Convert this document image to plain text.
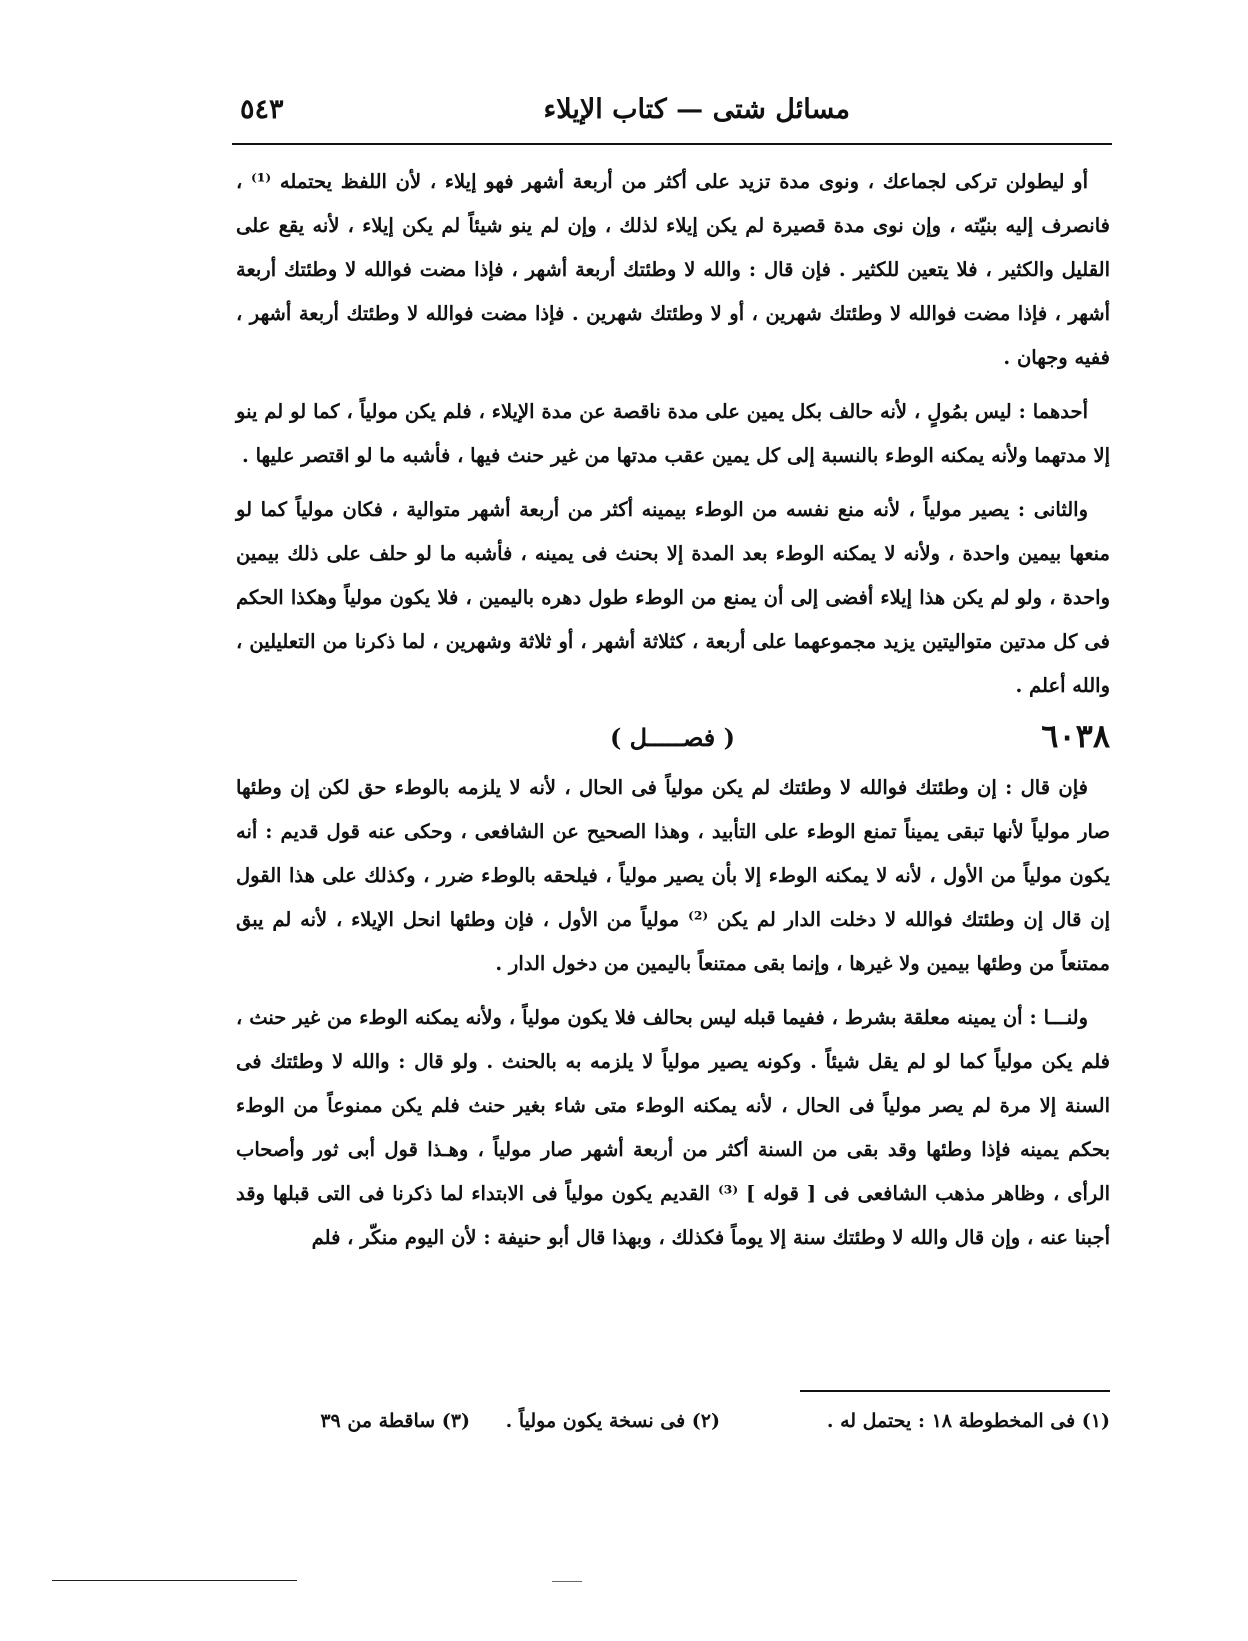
مسائل شتى — كتاب الإيلاء
٥٤٣

أو ليطولن تركى لجماعك ، ونوى مدة تزيد على أكثر من أربعة أشهر فهو إيلاء ، لأن اللفظ يحتمله ⁽¹⁾ ، فانصرف إليه بنيّته ، وإن نوى مدة قصيرة لم يكن إيلاء لذلك ، وإن لم ينو شيئاً لم يكن إيلاء ، لأنه يقع على القليل والكثير ، فلا يتعين للكثير . فإن قال : والله لا وطئتك أربعة أشهر ، فإذا مضت فوالله لا وطئتك أربعة أشهر ، فإذا مضت فوالله لا وطئتك شهرين ، أو لا وطئتك شهرين . فإذا مضت فوالله لا وطئتك أربعة أشهر ، ففيه وجهان .

أحدهما : ليس بمُولٍ ، لأنه حالف بكل يمين على مدة ناقصة عن مدة الإيلاء ، فلم يكن مولياً ، كما لو لم ينو إلا مدتهما ولأنه يمكنه الوطء بالنسبة إلى كل يمين عقب مدتها من غير حنث فيها ، فأشبه ما لو اقتصر عليها .

والثانى : يصير مولياً ، لأنه منع نفسه من الوطء بيمينه أكثر من أربعة أشهر متوالية ، فكان مولياً كما لو منعها بيمين واحدة ، ولأنه لا يمكنه الوطء بعد المدة إلا بحنث فى يمينه ، فأشبه ما لو حلف على ذلك بيمين واحدة ، ولو لم يكن هذا إيلاء أفضى إلى أن يمنع من الوطء طول دهره باليمين ، فلا يكون مولياً وهكذا الحكم فى كل مدتين متواليتين يزيد مجموعهما على أربعة ، كثلاثة أشهر ، أو ثلاثة وشهرين ، لما ذكرنا من التعليلين ، والله أعلم .

٦٠٣٨
( فصـــــل )

فإن قال : إن وطئتك فوالله لا وطئتك لم يكن مولياً فى الحال ، لأنه لا يلزمه بالوطء حق لكن إن وطئها صار مولياً لأنها تبقى يميناً تمنع الوطء على التأبيد ، وهذا الصحيح عن الشافعى ، وحكى عنه قول قديم : أنه يكون مولياً من الأول ، لأنه لا يمكنه الوطء إلا بأن يصير مولياً ، فيلحقه بالوطء ضرر ، وكذلك على هذا القول إن قال إن وطئتك فوالله لا دخلت الدار لم يكن ⁽²⁾ مولياً من الأول ، فإن وطئها انحل الإيلاء ، لأنه لم يبق ممتنعاً من وطئها بيمين ولا غيرها ، وإنما بقى ممتنعاً باليمين من دخول الدار .

ولنـــا : أن يمينه معلقة بشرط ، ففيما قبله ليس بحالف فلا يكون مولياً ، ولأنه يمكنه الوطء من غير حنث ، فلم يكن مولياً كما لو لم يقل شيئاً . وكونه يصير مولياً لا يلزمه به بالحنث . ولو قال : والله لا وطئتك فى السنة إلا مرة لم يصر مولياً فى الحال ، لأنه يمكنه الوطء متى شاء بغير حنث فلم يكن ممنوعاً من الوطء بحكم يمينه فإذا وطئها وقد بقى من السنة أكثر من أربعة أشهر صار مولياً ، وهـذا قول أبى ثور وأصحاب الرأى ، وظاهر مذهب الشافعى فى [ قوله ] ⁽³⁾ القديم يكون مولياً فى الابتداء لما ذكرنا فى التى قبلها وقد أجبنا عنه ، وإن قال والله لا وطئتك سنة إلا يوماً فكذلك ، وبهذا قال أبو حنيفة : لأن اليوم منكّر ، فلم

(١) فى المخطوطة ١٨ : يحتمل له .
(٢) فى نسخة يكون مولياً .
(٣) ساقطة من ٣٩
